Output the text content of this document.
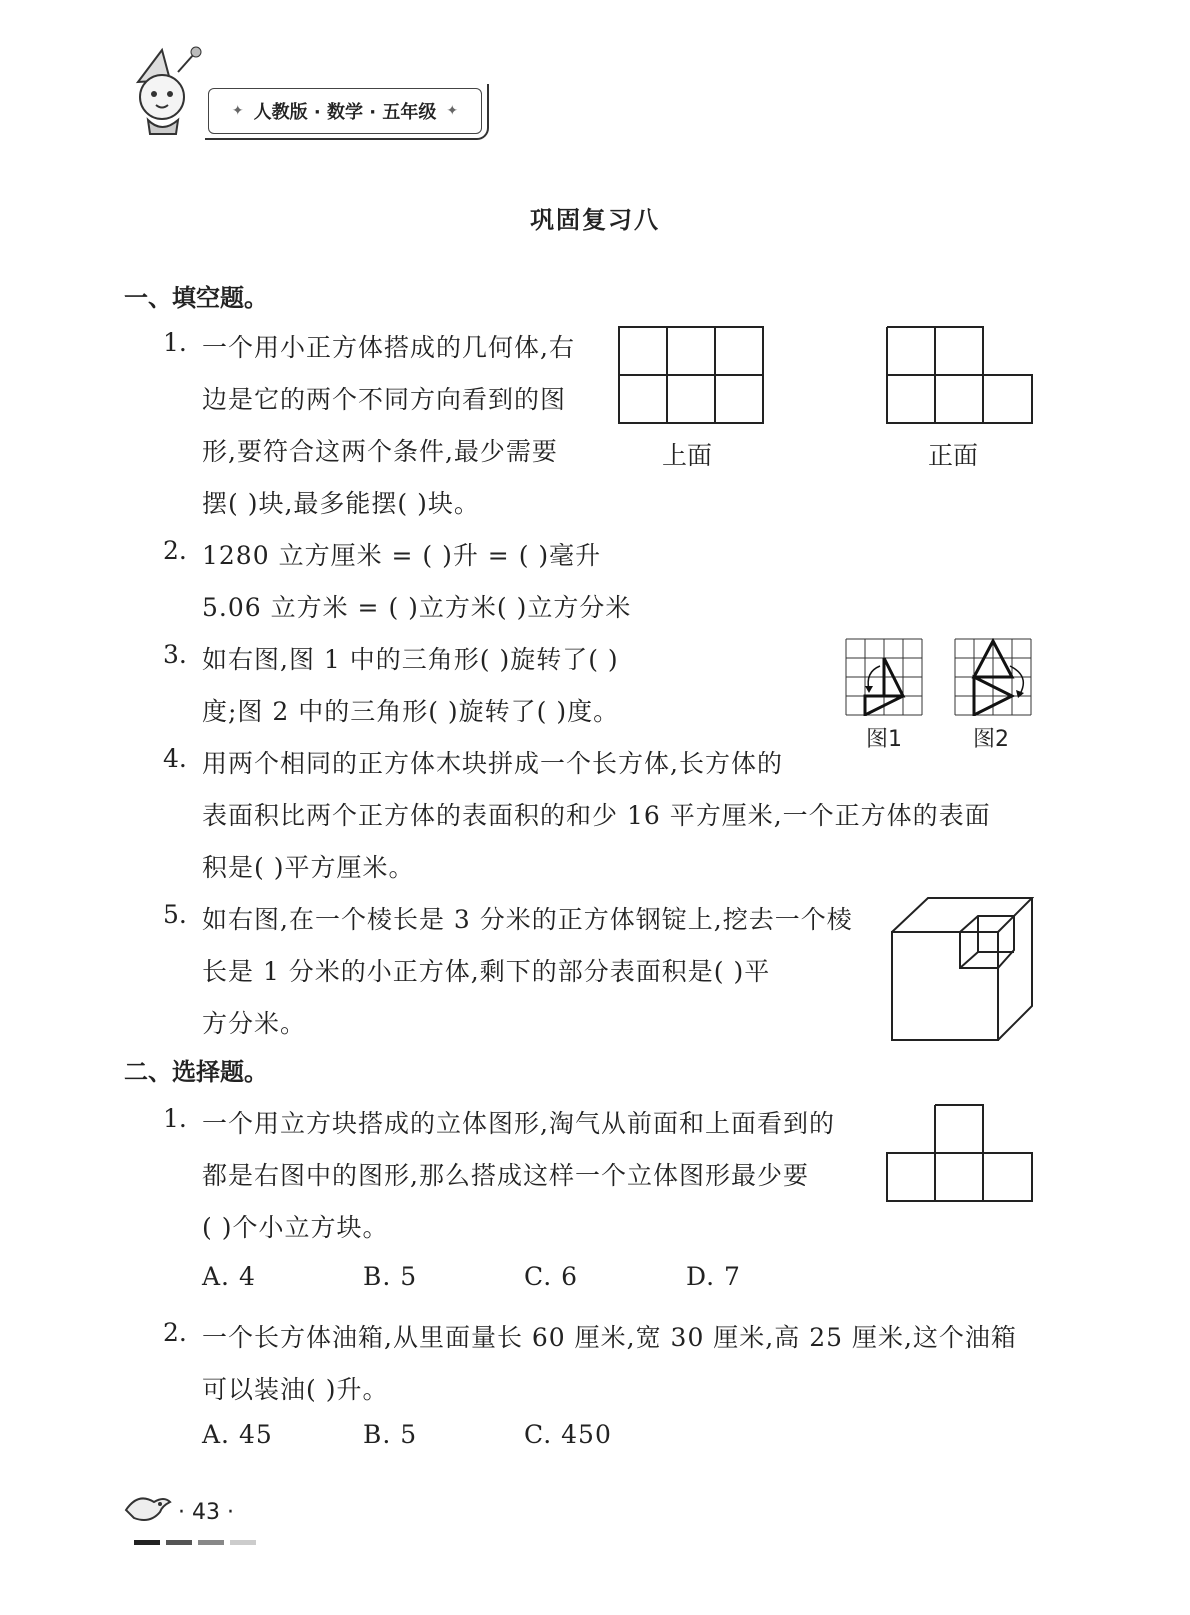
✦ 人教版 · 数学 · 五年级 ✦
巩固复习八
一、填空题。
1. 一个用小正方体搭成的几何体,右
边是它的两个不同方向看到的图
形,要符合这两个条件,最少需要
摆( )块,最多能摆( )块。
上面	正面
2. 1280 立方厘米 = ( )升 = ( )毫升
5.06 立方米 = ( )立方米( )立方分米
3. 如右图,图 1 中的三角形( )旋转了( )
度;图 2 中的三角形( )旋转了( )度。
图1	图2
4. 用两个相同的正方体木块拼成一个长方体,长方体的
表面积比两个正方体的表面积的和少 16 平方厘米,一个正方体的表面
积是( )平方厘米。
5. 如右图,在一个棱长是 3 分米的正方体钢锭上,挖去一个棱
长是 1 分米的小正方体,剩下的部分表面积是( )平
方分米。
二、选择题。
1. 一个用立方块搭成的立体图形,淘气从前面和上面看到的
都是右图中的图形,那么搭成这样一个立体图形最少要
( )个小立方块。
A. 4	B. 5	C. 6	D. 7
2. 一个长方体油箱,从里面量长 60 厘米,宽 30 厘米,高 25 厘米,这个油箱
可以装油( )升。
A. 45	B. 5	C. 450
· 43 ·
